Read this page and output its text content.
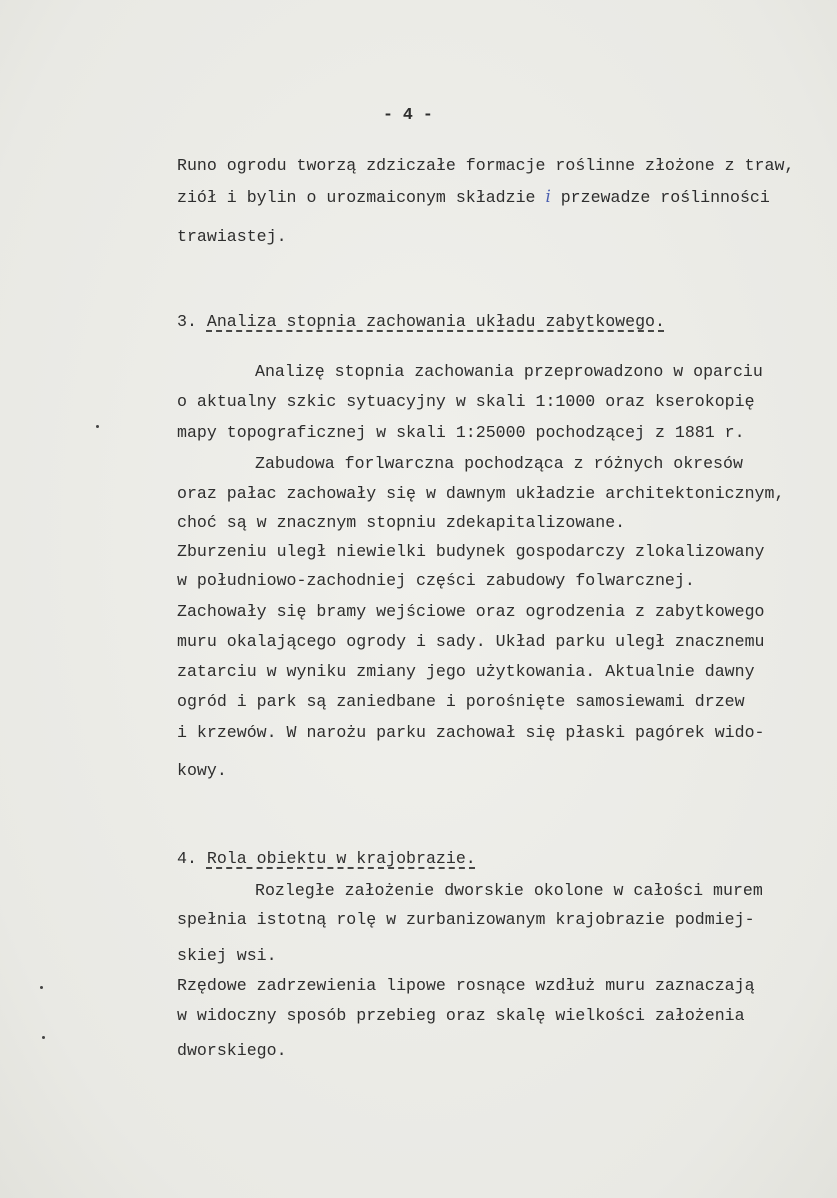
- 4 -
Runo ogrodu tworzą zdziczałe formacje roślinne złożone z traw,
ziół i bylin o urozmaiconym składzie i przewadze roślinności
trawiastej.
3. Analiza stopnia zachowania układu zabytkowego.
Analizę stopnia zachowania przeprowadzono w oparciu
o aktualny szkic sytuacyjny w skali 1:1000 oraz kserokopię
mapy topograficznej w skali 1:25000 pochodzącej z 1881 r.
Zabudowa forlwarczna pochodząca z różnych okresów
oraz pałac zachowały się w dawnym układzie architektonicznym,
choć są w znacznym stopniu zdekapitalizowane.
Zburzeniu uległ niewielki budynek gospodarczy zlokalizowany
w południowo-zachodniej części zabudowy folwarcznej.
Zachowały się bramy wejściowe oraz ogrodzenia z zabytkowego
muru okalającego ogrody i sady. Układ parku uległ znacznemu
zatarciu w wyniku zmiany jego użytkowania. Aktualnie dawny
ogród i park są zaniedbane i porośnięte samosiewami drzew
i krzewów. W narożu parku zachował się płaski pagórek wido-
kowy.
4. Rola obiektu w krajobrazie.
Rozległe założenie dworskie okolone w całości murem
spełnia istotną rolę w zurbanizowanym krajobrazie podmiej-
skiej wsi.
Rzędowe zadrzewienia lipowe rosnące wzdłuż muru zaznaczają
w widoczny sposób przebieg oraz skalę wielkości założenia
dworskiego.
